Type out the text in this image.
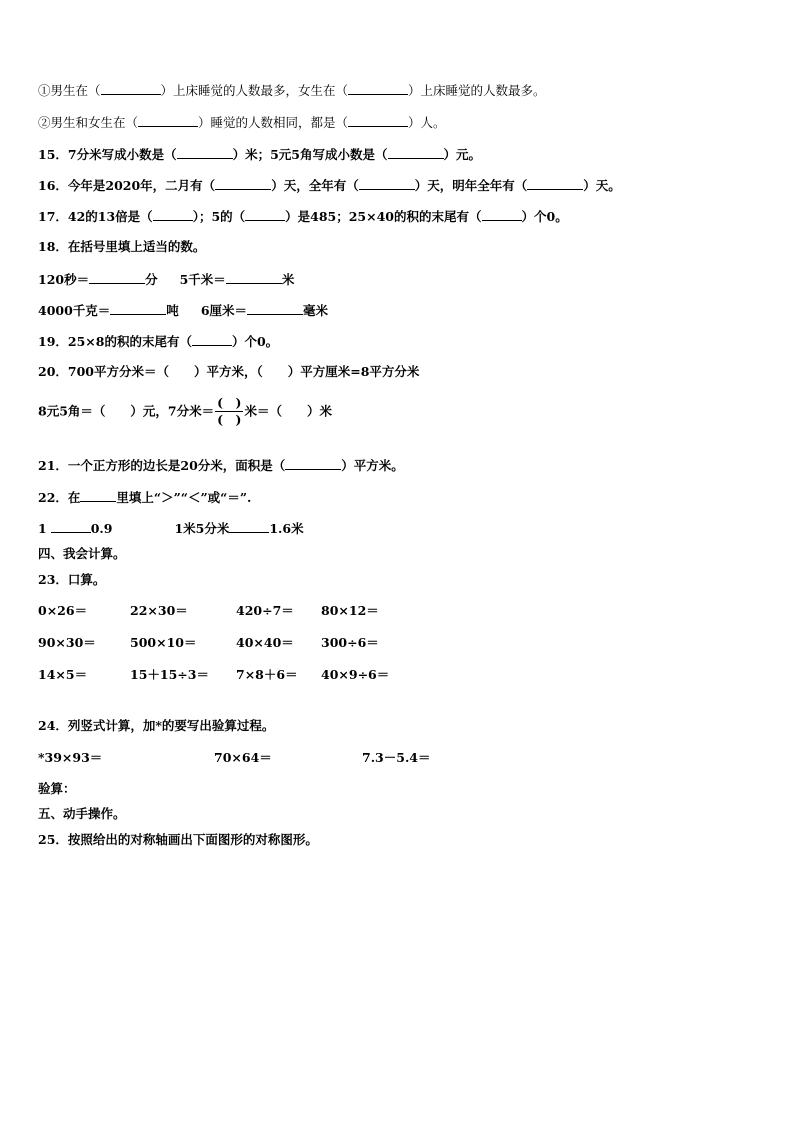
①男生在（	）上床睡觉的人数最多，女生在（	）上床睡觉的人数最多。
②男生和女生在（	）睡觉的人数相同，都是（	）人。
15．7分米写成小数是（	）米；5元5角写成小数是（	）元。
16．今年是2020年，二月有（	）天，全年有（	）天，明年全年有（	）天。
17．42的13倍是（	）；5的（	）是485；25×40的积的末尾有（	）个0。
18．在括号里填上适当的数。
120秒＝	分 5千米＝	米
4000千克＝	吨 6厘米＝	毫米
19．25×8的积的末尾有（	）个0。
20．700平方分米＝（　　）平方米，（　　）平方厘米=8平方分米
8元5角＝（　　）元，7分米＝ $\frac{( )}{( )}$ 米＝（　　）米
21．一个正方形的边长是20分米，面积是（	）平方米。
22．在	里填上“＞”“＜”或“＝”.
1	0.9	1米5分米	1.6米
四、我会计算。
23．口算。
0×26＝	22×30＝	420÷7＝ 80×12＝
90×30＝	500×10＝	40×40＝ 300÷6＝
14×5＝	15＋15÷3＝ 7×8＋6＝ 40×9÷6＝
24．列竖式计算，加*的要写出验算过程。
*39×93＝	70×64＝	7.3－5.4＝
验算：
五、动手操作。
25．按照给出的对称轴画出下面图形的对称图形。
